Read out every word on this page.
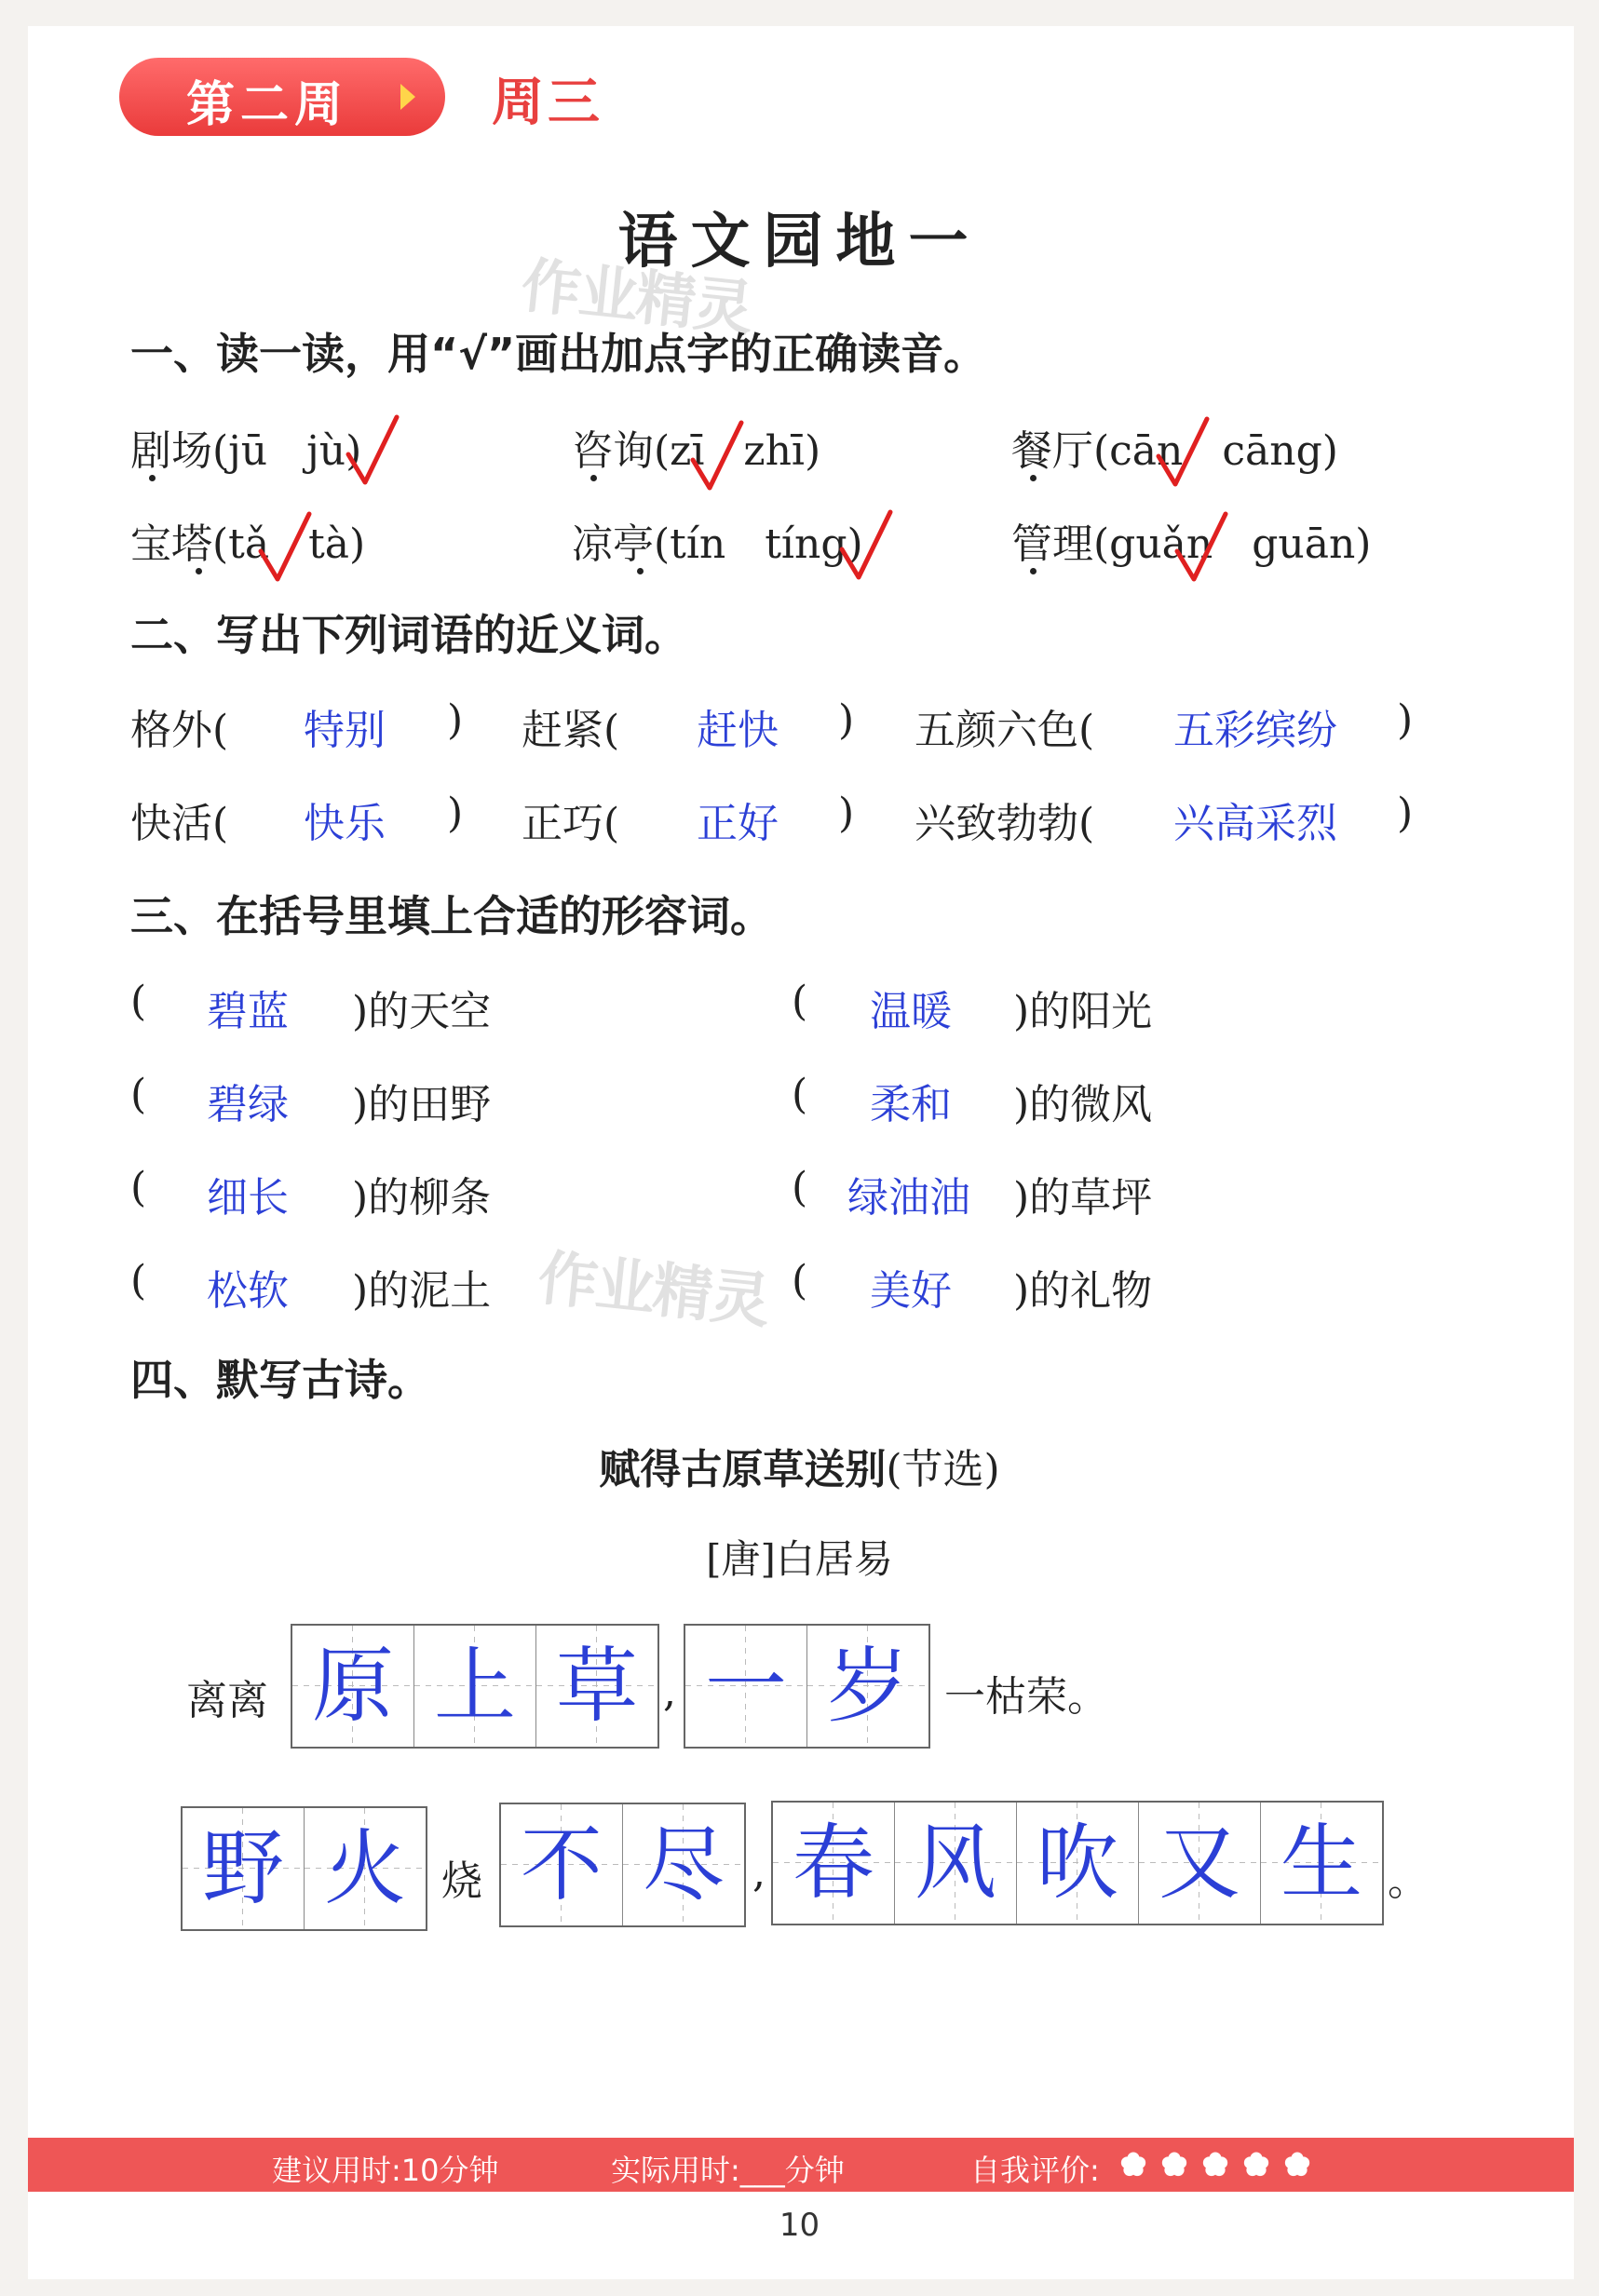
第二周	周三
语文园地一
作业精灵
一、读一读，用“√”画出加点字的正确读音。
剧场(jū jù)	咨询(zī zhī)	餐厅(cān cāng)
宝塔(tǎ tà)	凉亭(tín tíng)	管理(guǎn guān)
二、写出下列词语的近义词。
格外( 特别 ) 赶紧( 赶快 ) 五颜六色( 五彩缤纷 )
快活( 快乐 ) 正巧( 正好 ) 兴致勃勃( 兴高采烈 )
三、在括号里填上合适的形容词。
( 碧蓝 )的天空	( 温暖 )的阳光
( 碧绿 )的田野	( 柔和 )的微风
( 细长 )的柳条	( 绿油油 )的草坪
( 松软 )的泥土 作业精灵 ( 美好 )的礼物
四、默写古诗。
赋得古原草送别(节选)
[唐]白居易
离离 原 上 草 , 一 岁 一枯荣。
野 火 烧 不 尽 , 春 风 吹 又 生 。
建议用时:10分钟	实际用时:___分钟	自我评价:
10
